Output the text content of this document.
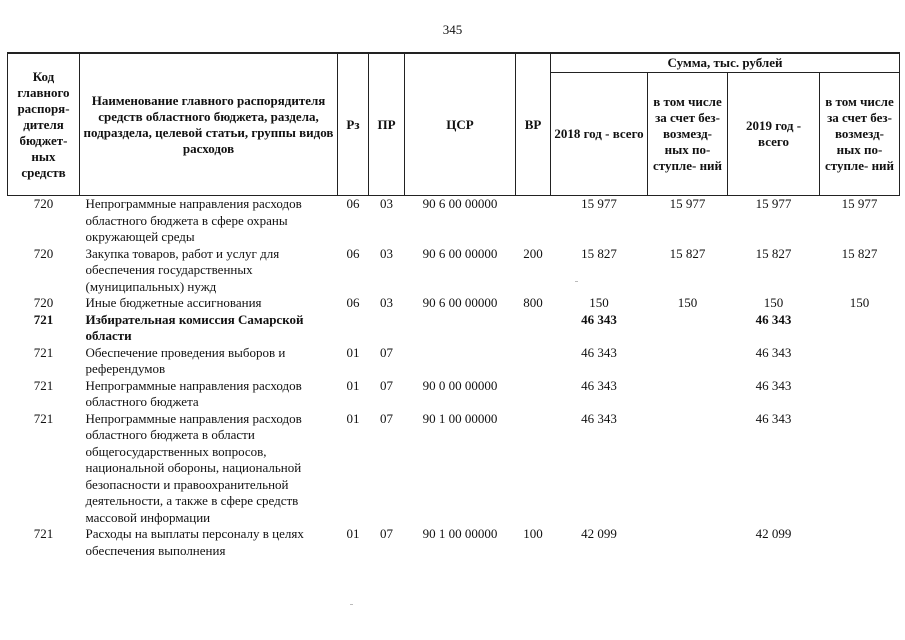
345
Код главного распоря- дителя бюджет- ных средств	Наименование главного распорядителя средств областного бюджета, раздела, подраздела, целевой статьи, группы видов расходов	Рз	ПР	ЦСР	ВР	Сумма, тыс. рублей			
						2018 год - всего	в том числе за счет без- возмезд- ных по- ступле- ний	2019 год - всего	в том числе за счет без- возмезд- ных по- ступле- ний
720	Непрограммные направления расходов областного бюджета в сфере охраны окружающей среды	06	03	90 6 00 00000		15 977	15 977	15 977	15 977
720	Закупка товаров, работ и услуг для обеспечения государственных (муниципальных) нужд	06	03	90 6 00 00000	200	15 827	15 827	15 827	15 827
720	Иные бюджетные ассигнования	06	03	90 6 00 00000	800	150	150	150	150
721	Избирательная комиссия Самарской области					46 343		46 343	
721	Обеспечение проведения выборов и референдумов	01	07			46 343		46 343	
721	Непрограммные направления расходов областного бюджета	01	07	90 0 00 00000		46 343		46 343	
721	Непрограммные направления расходов областного бюджета в области общегосударственных вопросов, национальной обороны, национальной безопасности и правоохранительной деятельности, а также в сфере средств массовой информации	01	07	90 1 00 00000		46 343		46 343	
721	Расходы на выплаты персоналу в целях обеспечения выполнения	01	07	90 1 00 00000	100	42 099		42 099	
